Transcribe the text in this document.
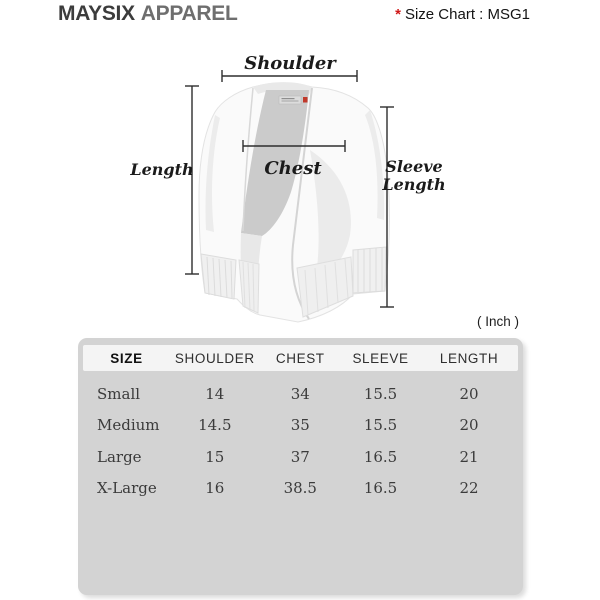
MAYSIX APPAREL	* Size Chart : MSG1
Shoulder
Length	Chest	Sleeve
Length
( Inch )
SIZE	SHOULDER	CHEST	SLEEVE	LENGTH
Small	14	34	15.5	20
Medium	14.5	35	15.5	20
Large	15	37	16.5	21
X-Large	16	38.5	16.5	22
